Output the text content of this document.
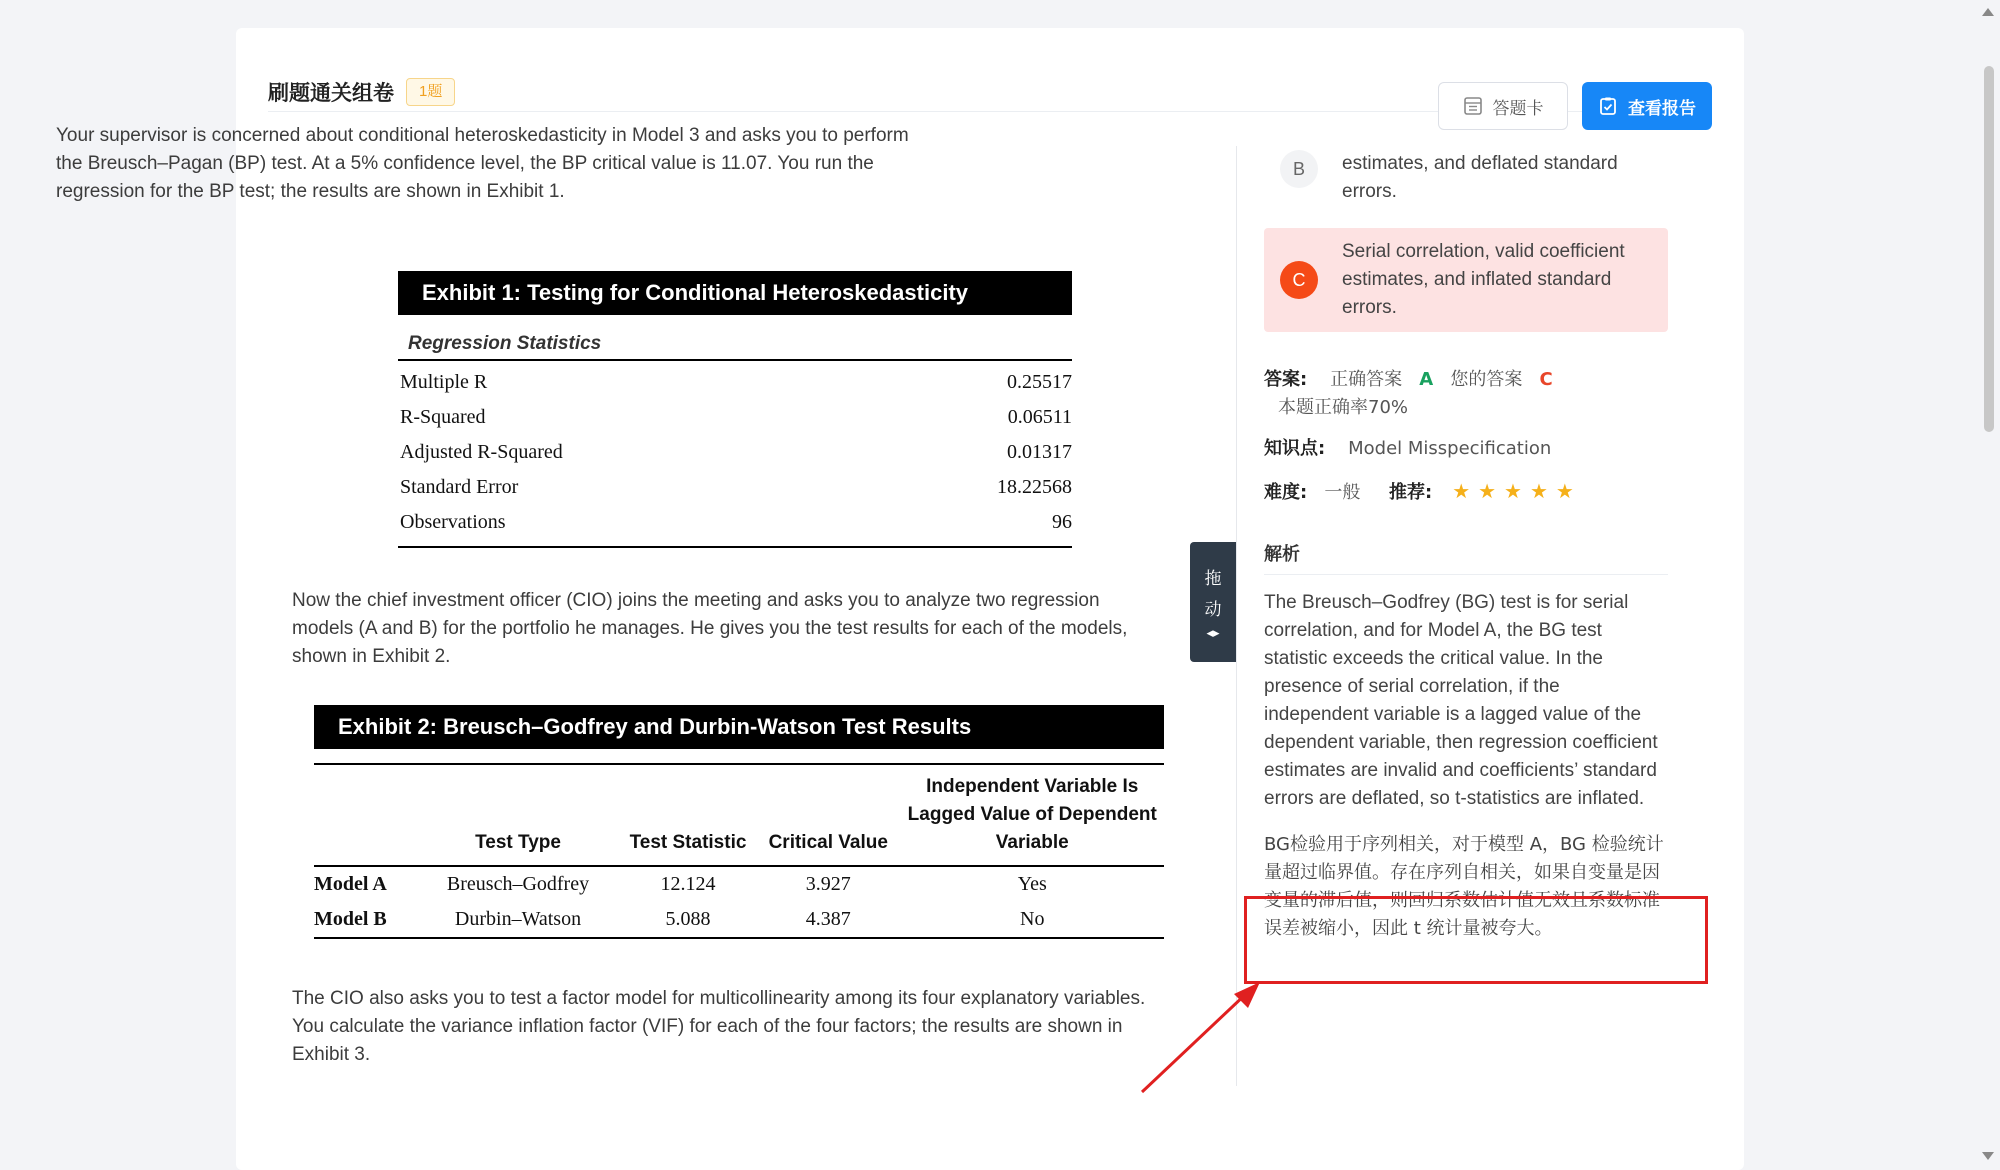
刷题通关组卷	1题
答题卡	查看报告

Your supervisor is concerned about conditional heteroskedasticity in Model 3 and asks you to perform the Breusch–Pagan (BP) test. At a 5% confidence level, the BP critical value is 11.07. You run the regression for the BP test; the results are shown in Exhibit 1.

Exhibit 1: Testing for Conditional Heteroskedasticity
Regression Statistics
Multiple R	0.25517
R-Squared	0.06511
Adjusted R-Squared	0.01317
Standard Error	18.22568
Observations	96

Now the chief investment officer (CIO) joins the meeting and asks you to analyze two regression models (A and B) for the portfolio he manages. He gives you the test results for each of the models, shown in Exhibit 2.

Exhibit 2: Breusch–Godfrey and Durbin-Watson Test Results
	Test Type	Test Statistic	Critical Value	Independent Variable Is Lagged Value of Dependent Variable
Model A	Breusch–Godfrey	12.124	3.927	Yes
Model B	Durbin–Watson	5.088	4.387	No

The CIO also asks you to test a factor model for multicollinearity among its four explanatory variables. You calculate the variance inflation factor (VIF) for each of the four factors; the results are shown in Exhibit 3.

拖
动
◂▸
B	estimates, and deflated standard errors.
C
Serial correlation, valid coefficient estimates, and inflated standard errors.
答案: 正确答案 A 您的答案 C
本题正确率70%
知识点: Model Misspecification
难度:
一般
推荐: ★★★★★
解析

The Breusch–Godfrey (BG) test is for serial correlation, and for Model A, the BG test statistic exceeds the critical value. In the presence of serial correlation, if the independent variable is a lagged value of the dependent variable, then regression coefficient estimates are invalid and coefficients’ standard errors are deflated, so t-statistics are inflated.

BG检验用于序列相关，对于模型 A，BG 检验统计量超过临界值。存在序列自相关，如果自变量是因变量的滞后值，则回归系数估计值无效且系数标准误差被缩小，因此 t 统计量被夸大。
